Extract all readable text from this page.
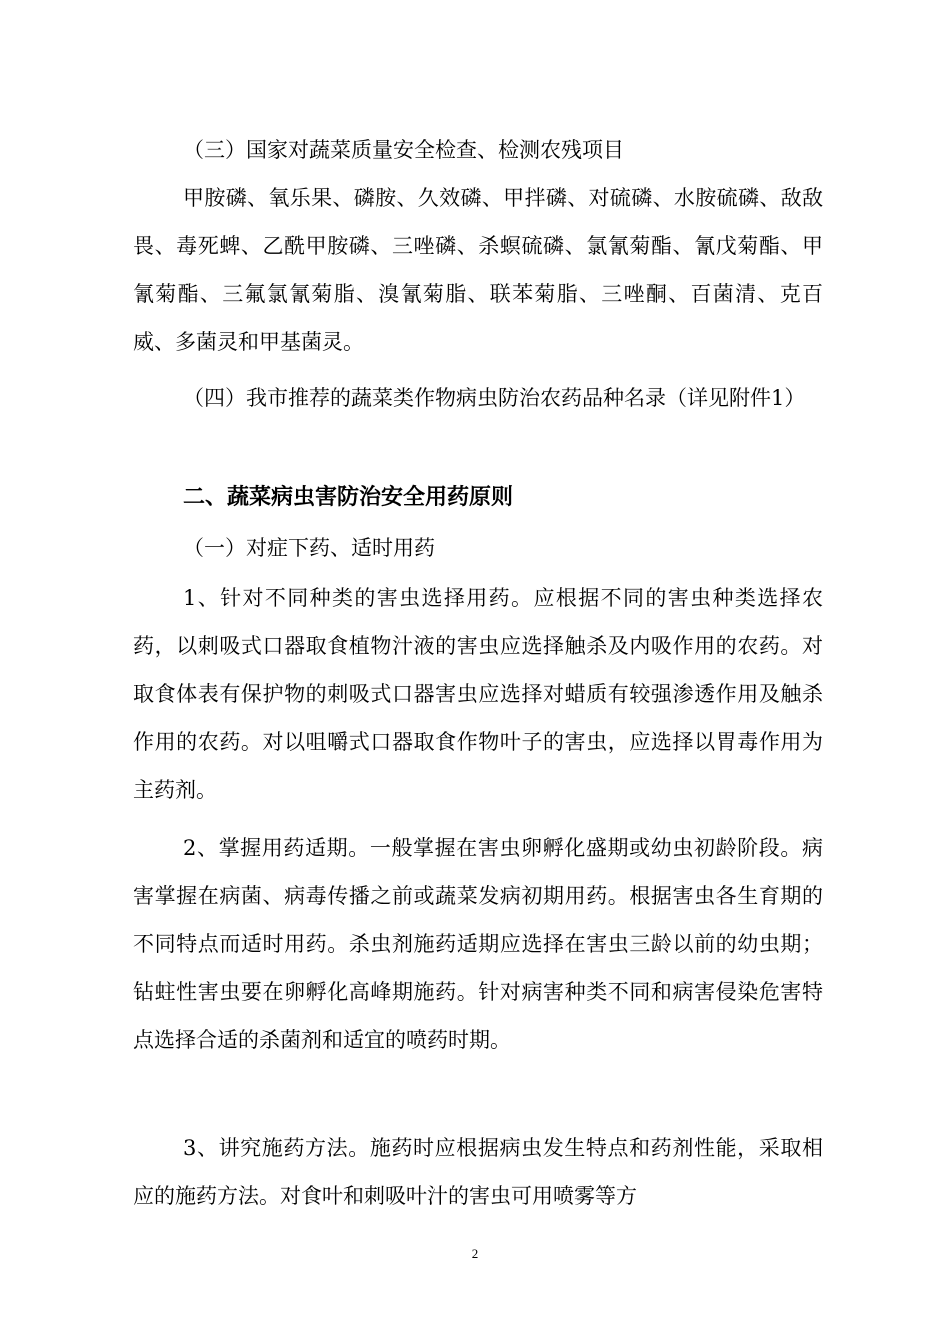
（三）国家对蔬菜质量安全检查、检测农残项目

甲胺磷、氧乐果、磷胺、久效磷、甲拌磷、对硫磷、水胺硫磷、敌敌畏、毒死蜱、乙酰甲胺磷、三唑磷、杀螟硫磷、氯氰菊酯、氰戊菊酯、甲氰菊酯、三氟氯氰菊脂、溴氰菊脂、联苯菊脂、三唑酮、百菌清、克百威、多菌灵和甲基菌灵。

（四）我市推荐的蔬菜类作物病虫防治农药品种名录（详见附件1）

二、蔬菜病虫害防治安全用药原则

（一）对症下药、适时用药

1、针对不同种类的害虫选择用药。应根据不同的害虫种类选择农药，以刺吸式口器取食植物汁液的害虫应选择触杀及内吸作用的农药。对取食体表有保护物的刺吸式口器害虫应选择对蜡质有较强渗透作用及触杀作用的农药。对以咀嚼式口器取食作物叶子的害虫，应选择以胃毒作用为主药剂。

2、掌握用药适期。一般掌握在害虫卵孵化盛期或幼虫初龄阶段。病害掌握在病菌、病毒传播之前或蔬菜发病初期用药。根据害虫各生育期的不同特点而适时用药。杀虫剂施药适期应选择在害虫三龄以前的幼虫期；钻蛀性害虫要在卵孵化高峰期施药。针对病害种类不同和病害侵染危害特点选择合适的杀菌剂和适宜的喷药时期。

3、讲究施药方法。施药时应根据病虫发生特点和药剂性能，采取相应的施药方法。对食叶和刺吸叶汁的害虫可用喷雾等方

2
